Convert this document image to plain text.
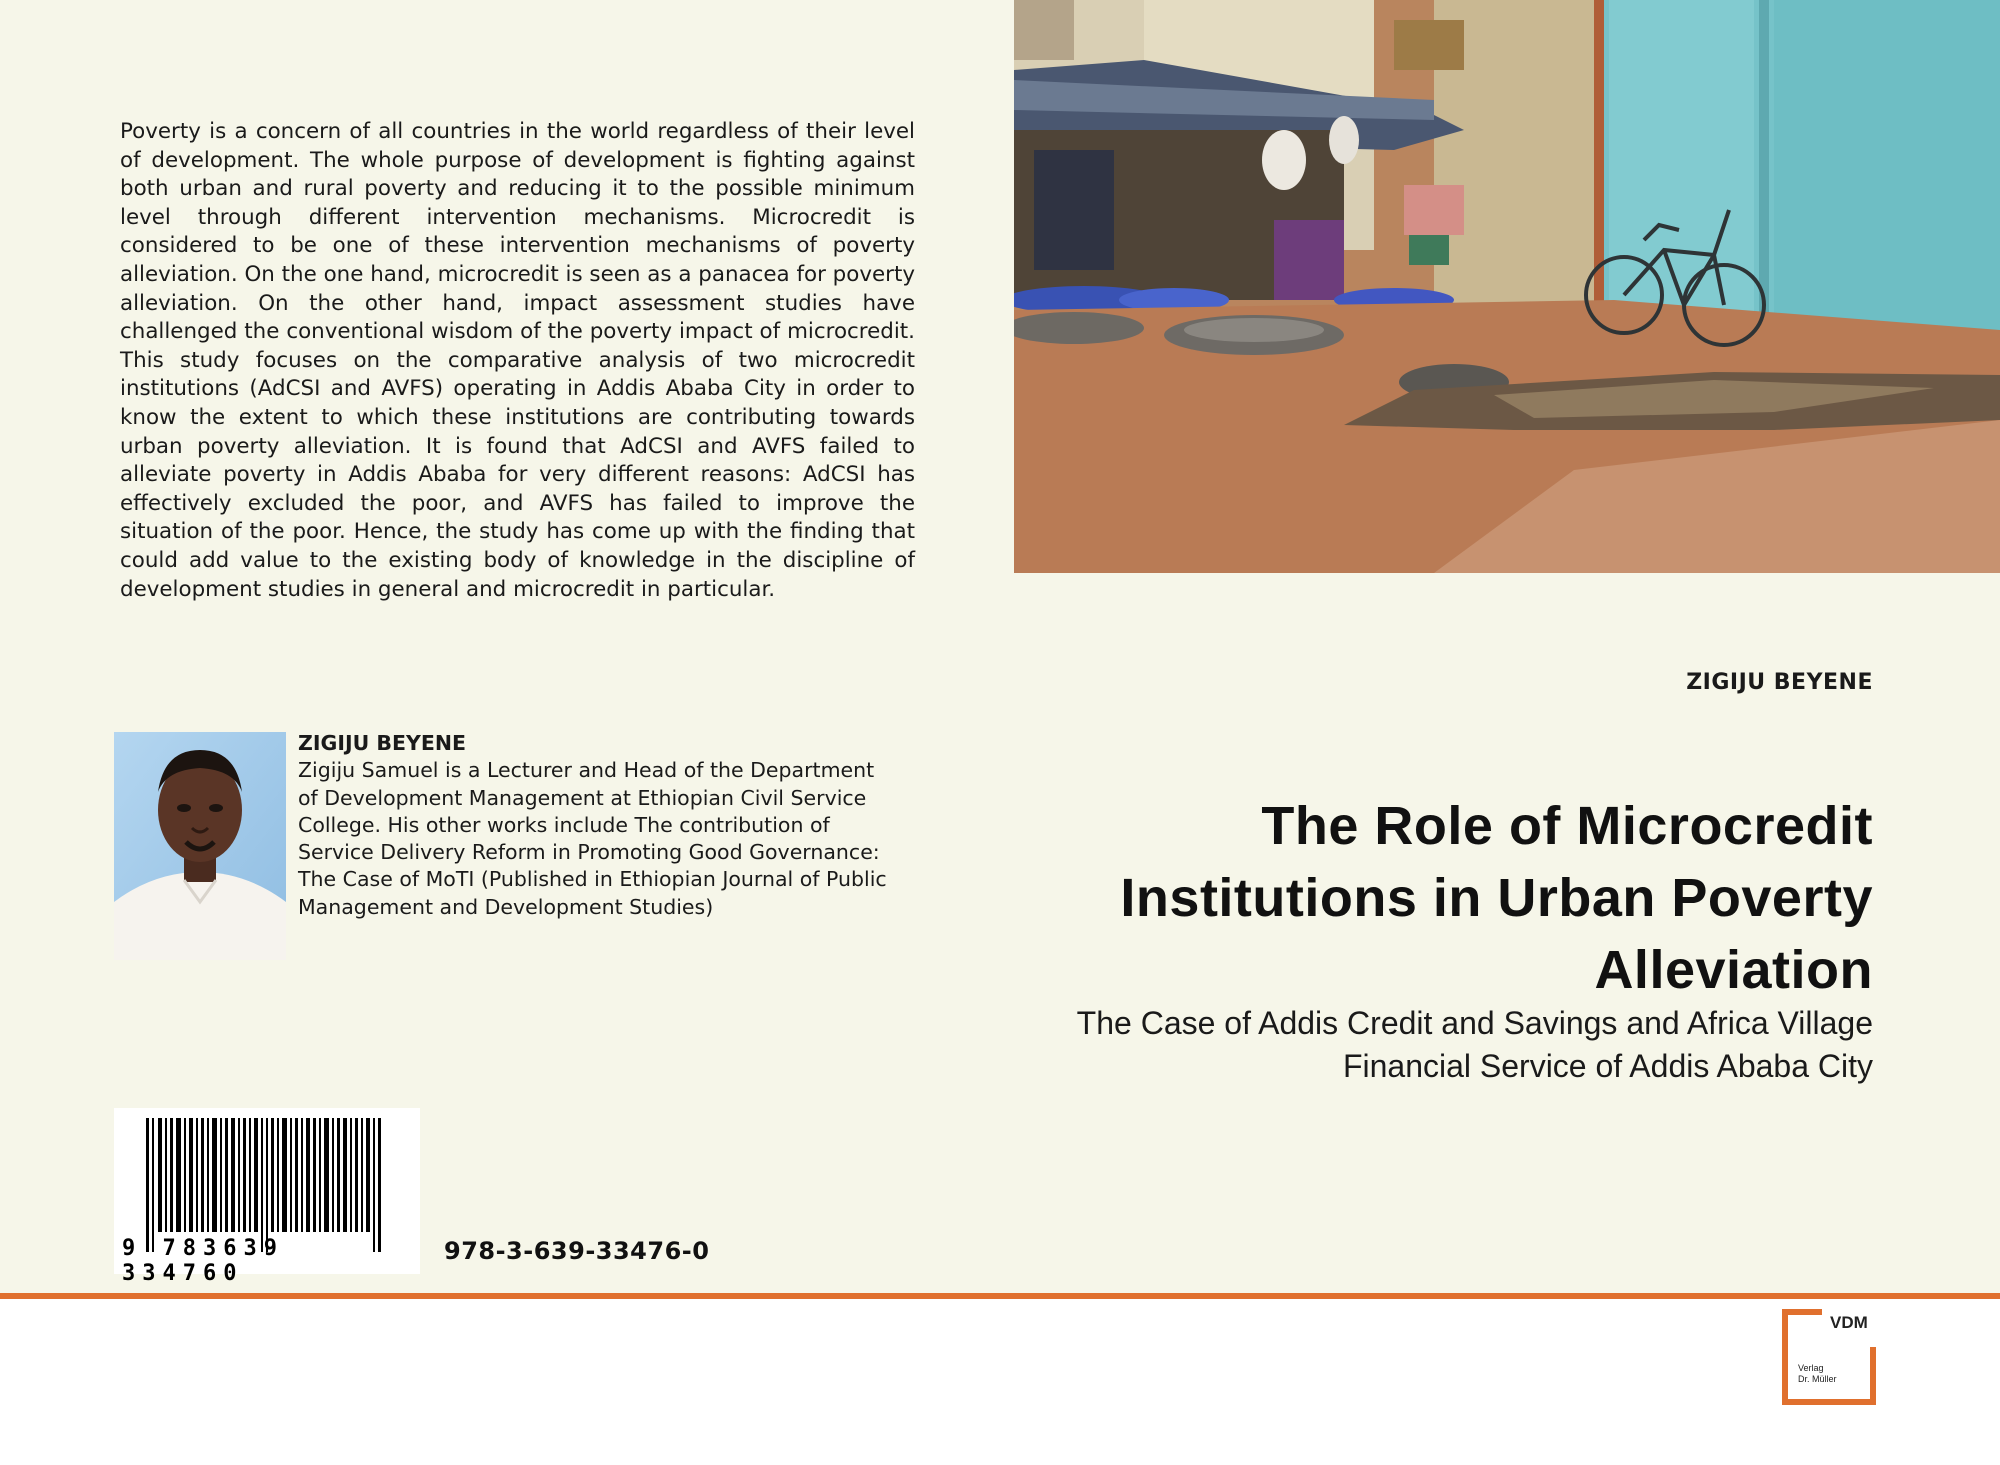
Poverty is a concern of all countries in the world regardless of their level of development. The whole purpose of development is fighting against both urban and rural poverty and reducing it to the possible minimum level through different intervention mechanisms. Microcredit is considered to be one of these intervention mechanisms of poverty alleviation. On the one hand, microcredit is seen as a panacea for poverty alleviation. On the other hand, impact assessment studies have challenged the conventional wisdom of the poverty impact of microcredit. This study focuses on the comparative analysis of two microcredit institutions (AdCSI and AVFS) operating in Addis Ababa City in order to know the extent to which these institutions are contributing towards urban poverty alleviation. It is found that AdCSI and AVFS failed to alleviate poverty in Addis Ababa for very different reasons: AdCSI has effectively excluded the poor, and AVFS has failed to improve the situation of the poor. Hence, the study has come up with the finding that could add value to the existing body of knowledge in the discipline of development studies in general and microcredit in particular.
ZIGIJU BEYENE
The Role of Microcredit Institutions in Urban Poverty Alleviation
The Case of Addis Credit and Savings and Africa Village Financial Service of Addis Ababa City
ZIGIJU BEYENE
Zigiju Samuel is a Lecturer and Head of the Department of Development Management at Ethiopian Civil Service College. His other works include The contribution of Service Delivery Reform in Promoting Good Governance: The Case of MoTI (Published in Ethiopian Journal of Public Management and Development Studies)
9 783639 334760
978-3-639-33476-0
VDM
Verlag
Dr. Müller
